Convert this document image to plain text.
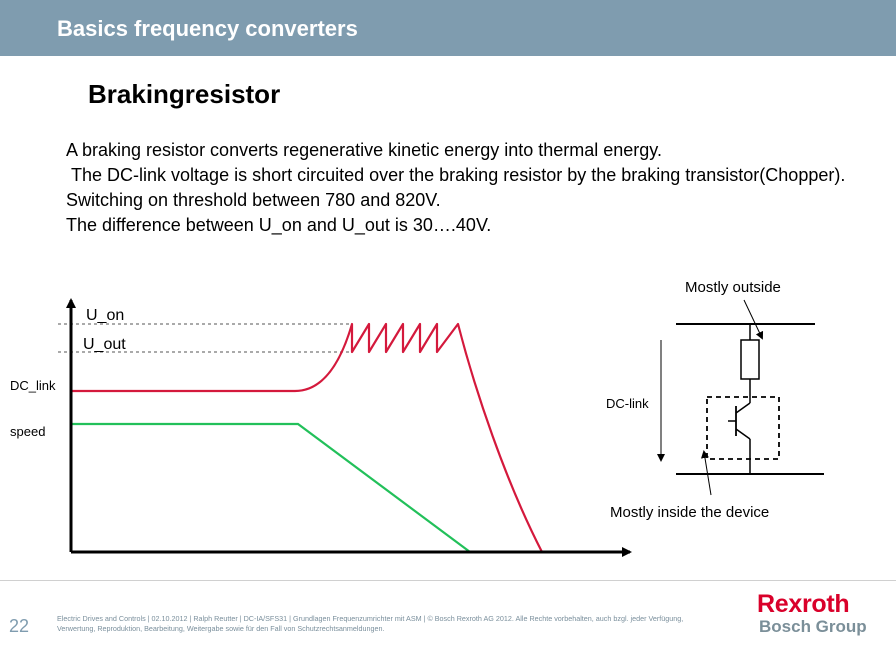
Basics frequency converters
Brakingresistor

A braking resistor converts regenerative kinetic energy into thermal energy.

The DC-link voltage is short circuited over the braking resistor by the braking transistor(Chopper).

Switching on threshold between 780 and 820V.

The difference between U_on and U_out is 30….40V.

U_on
U_out
DC_link
speed
Mostly outside
DC-link
Mostly inside the device
22	Electric Drives and Controls | 02.10.2012 | Ralph Reutter | DC-IA/SFS31 | Grundlagen Frequenzumrichter mit ASM | © Bosch Rexroth AG 2012. Alle Rechte vorbehalten, auch bzgl. jeder Verfügung, Verwertung, Reproduktion, Bearbeitung, Weitergabe sowie für den Fall von Schutzrechtsanmeldungen.
Rexroth
Bosch Group
